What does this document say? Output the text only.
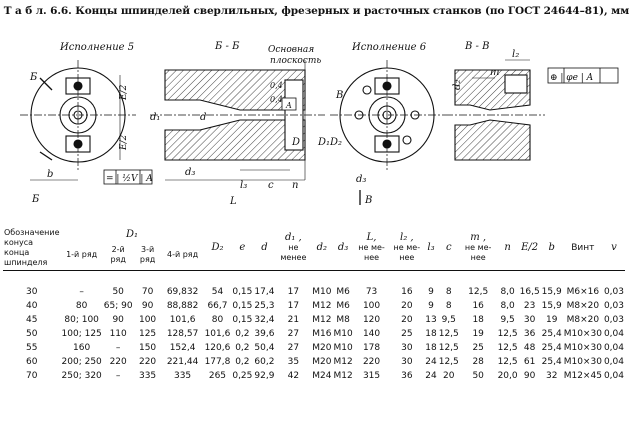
Т а б л. 6.6. Концы шпинделей сверлильных, фрезерных и расточных станков (по ГОСТ 24644–81), мм
Исполнение 5
Б
Б
E/2
E/2
b	= | ½V | A
Б - Б	Основная
плоскость
0,4
0,4
A
d₁	d
D D₁
d₃
l₃ c n
L
Исполнение 6
В
В
D₂
d₃
В - В
l₂
m
d₂
⊕ | φe | A
Обозначение конуса конца шпинделя	D₁				D₂	e	d	d₁ ,
не менее	d₂	d₃	L,
не ме- нее	l₂ ,
не ме- нее	l₃	c	m ,
не ме- нее	n	E/2	b	Винт	v
	1-й ряд	2-й ряд	3-й ряд	4-й ряд																

30	–	50	70	69,832	54	0,15	17,4	17	M10	M6	73	16	9	8	12,5	8,0	16,5	15,9	M6×16	0,03
40	80	65; 90	90	88,882	66,7	0,15	25,3	17	M12	M6	100	20	9	8	16	8,0	23	15,9	M8×20	0,03
45	80; 100	90	100	101,6	80	0,15	32,4	21	M12	M8	120	20	13	9,5	18	9,5	30	19	M8×20	0,03
50	100; 125	110	125	128,57	101,6	0,2	39,6	27	M16	M10	140	25	18	12,5	19	12,5	36	25,4	M10×30	0,04
55	160	–	150	152,4	120,6	0,2	50,4	27	M20	M10	178	30	18	12,5	25	12,5	48	25,4	M10×30	0,04
60	200; 250	220	220	221,44	177,8	0,2	60,2	35	M20	M12	220	30	24	12,5	28	12,5	61	25,4	M10×30	0,04
70	250; 320	–	335	335	265	0,25	92,9	42	M24	M12	315	36	24	20	50	20,0	90	32	M12×45	0,04
